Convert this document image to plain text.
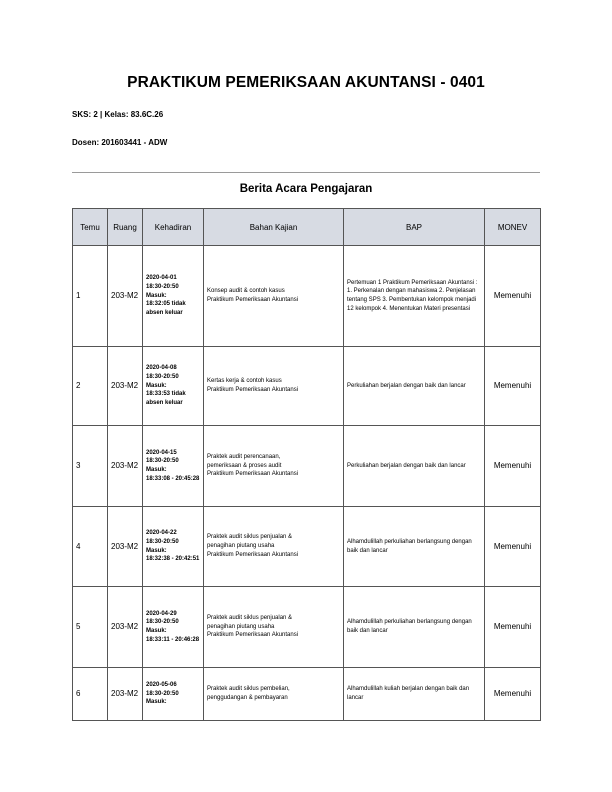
PRAKTIKUM PEMERIKSAAN AKUNTANSI - 0401
SKS: 2 | Kelas: 83.6C.26
Dosen: 201603441 - ADW
Berita Acara Pengajaran
Temu	Ruang	Kehadiran	Bahan Kajian	BAP	MONEV
1	203-M2	2020-04-01
18:30-20:50
Masuk:
18:32:05 tidak absen keluar	Konsep audit & contoh kasus
Praktikum Pemeriksaan Akuntansi	Pertemuan 1 Praktikum Pemeriksaan Akuntansi : 1. Perkenalan dengan mahasiswa 2. Penjelasan tentang SPS 3. Pembentukan kelompok menjadi 12 kelompok 4. Menentukan Materi presentasi	Memenuhi
2	203-M2	2020-04-08
18:30-20:50
Masuk:
18:33:53 tidak absen keluar	Kertas kerja & contoh kasus
Praktikum Pemeriksaan Akuntansi	Perkuliahan berjalan dengan baik dan lancar	Memenuhi
3	203-M2	2020-04-15
18:30-20:50
Masuk:
18:33:08 - 20:45:28	Praktek audit perencanaan,
pemeriksaan & proses audit
Praktikum Pemeriksaan Akuntansi	Perkuliahan berjalan dengan baik dan lancar	Memenuhi
4	203-M2	2020-04-22
18:30-20:50
Masuk:
18:32:38 - 20:42:51	Praktek audit siklus penjualan &
penagihan piutang usaha
Praktikum Pemeriksaan Akuntansi	Alhamdulillah perkuliahan berlangsung dengan baik dan lancar	Memenuhi
5	203-M2	2020-04-29
18:30-20:50
Masuk:
18:33:11 - 20:46:28	Praktek audit siklus penjualan &
penagihan piutang usaha
Praktikum Pemeriksaan Akuntansi	Alhamdulillah perkuliahan berlangsung dengan baik dan lancar	Memenuhi
6	203-M2	2020-05-06
18:30-20:50
Masuk:	Praktek audit siklus pembelian,
penggudangan & pembayaran	Alhamdulillah kuliah berjalan dengan baik dan lancar	Memenuhi
